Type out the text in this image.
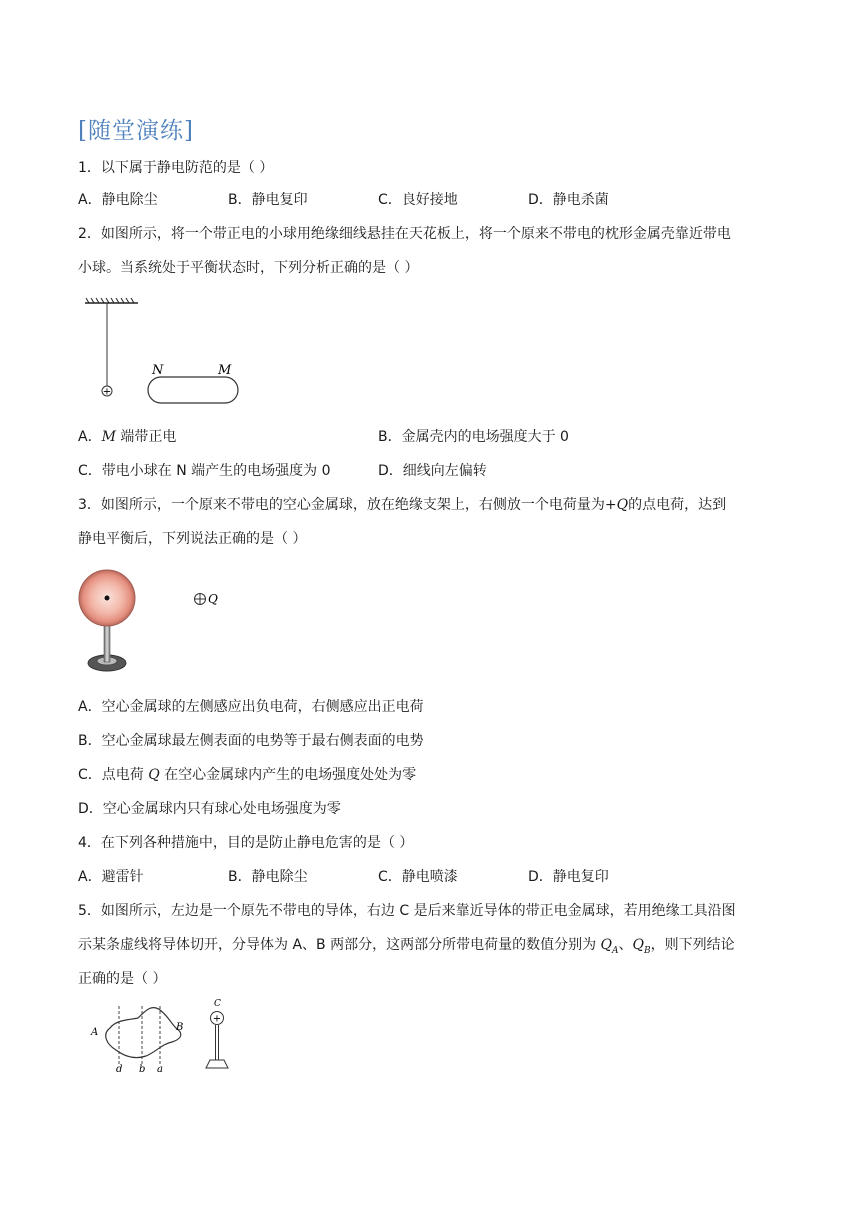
[随堂演练]
1．以下属于静电防范的是（ ）
A．静电除尘	B．静电复印	C．良好接地	D．静电杀菌
2．如图所示，将一个带正电的小球用绝缘细线悬挂在天花板上，将一个原来不带电的枕形金属壳靠近带电
小球。当系统处于平衡状态时，下列分析正确的是（ ）
+
N	M
A．M 端带正电	B．金属壳内的电场强度大于 0
C．带电小球在 N 端产生的电场强度为 0	D．细线向左偏转
3．如图所示，一个原来不带电的空心金属球，放在绝缘支架上，右侧放一个电荷量为+Q的点电荷，达到
静电平衡后，下列说法正确的是（ ）
Q
A．空心金属球的左侧感应出负电荷，右侧感应出正电荷
B．空心金属球最左侧表面的电势等于最右侧表面的电势
C．点电荷 Q 在空心金属球内产生的电场强度处处为零
D．空心金属球内只有球心处电场强度为零
4．在下列各种措施中，目的是防止静电危害的是（ ）
A．避雷针	B．静电除尘	C．静电喷漆	D．静电复印
5．如图所示，左边是一个原先不带电的导体，右边 C 是后来靠近导体的带正电金属球，若用绝缘工具沿图
示某条虚线将导体切开，分导体为 A、B 两部分，这两部分所带电荷量的数值分别为 $Q_A$、$Q_B$，则下列结论
正确的是（ ）
A	B
d b a
C
+
